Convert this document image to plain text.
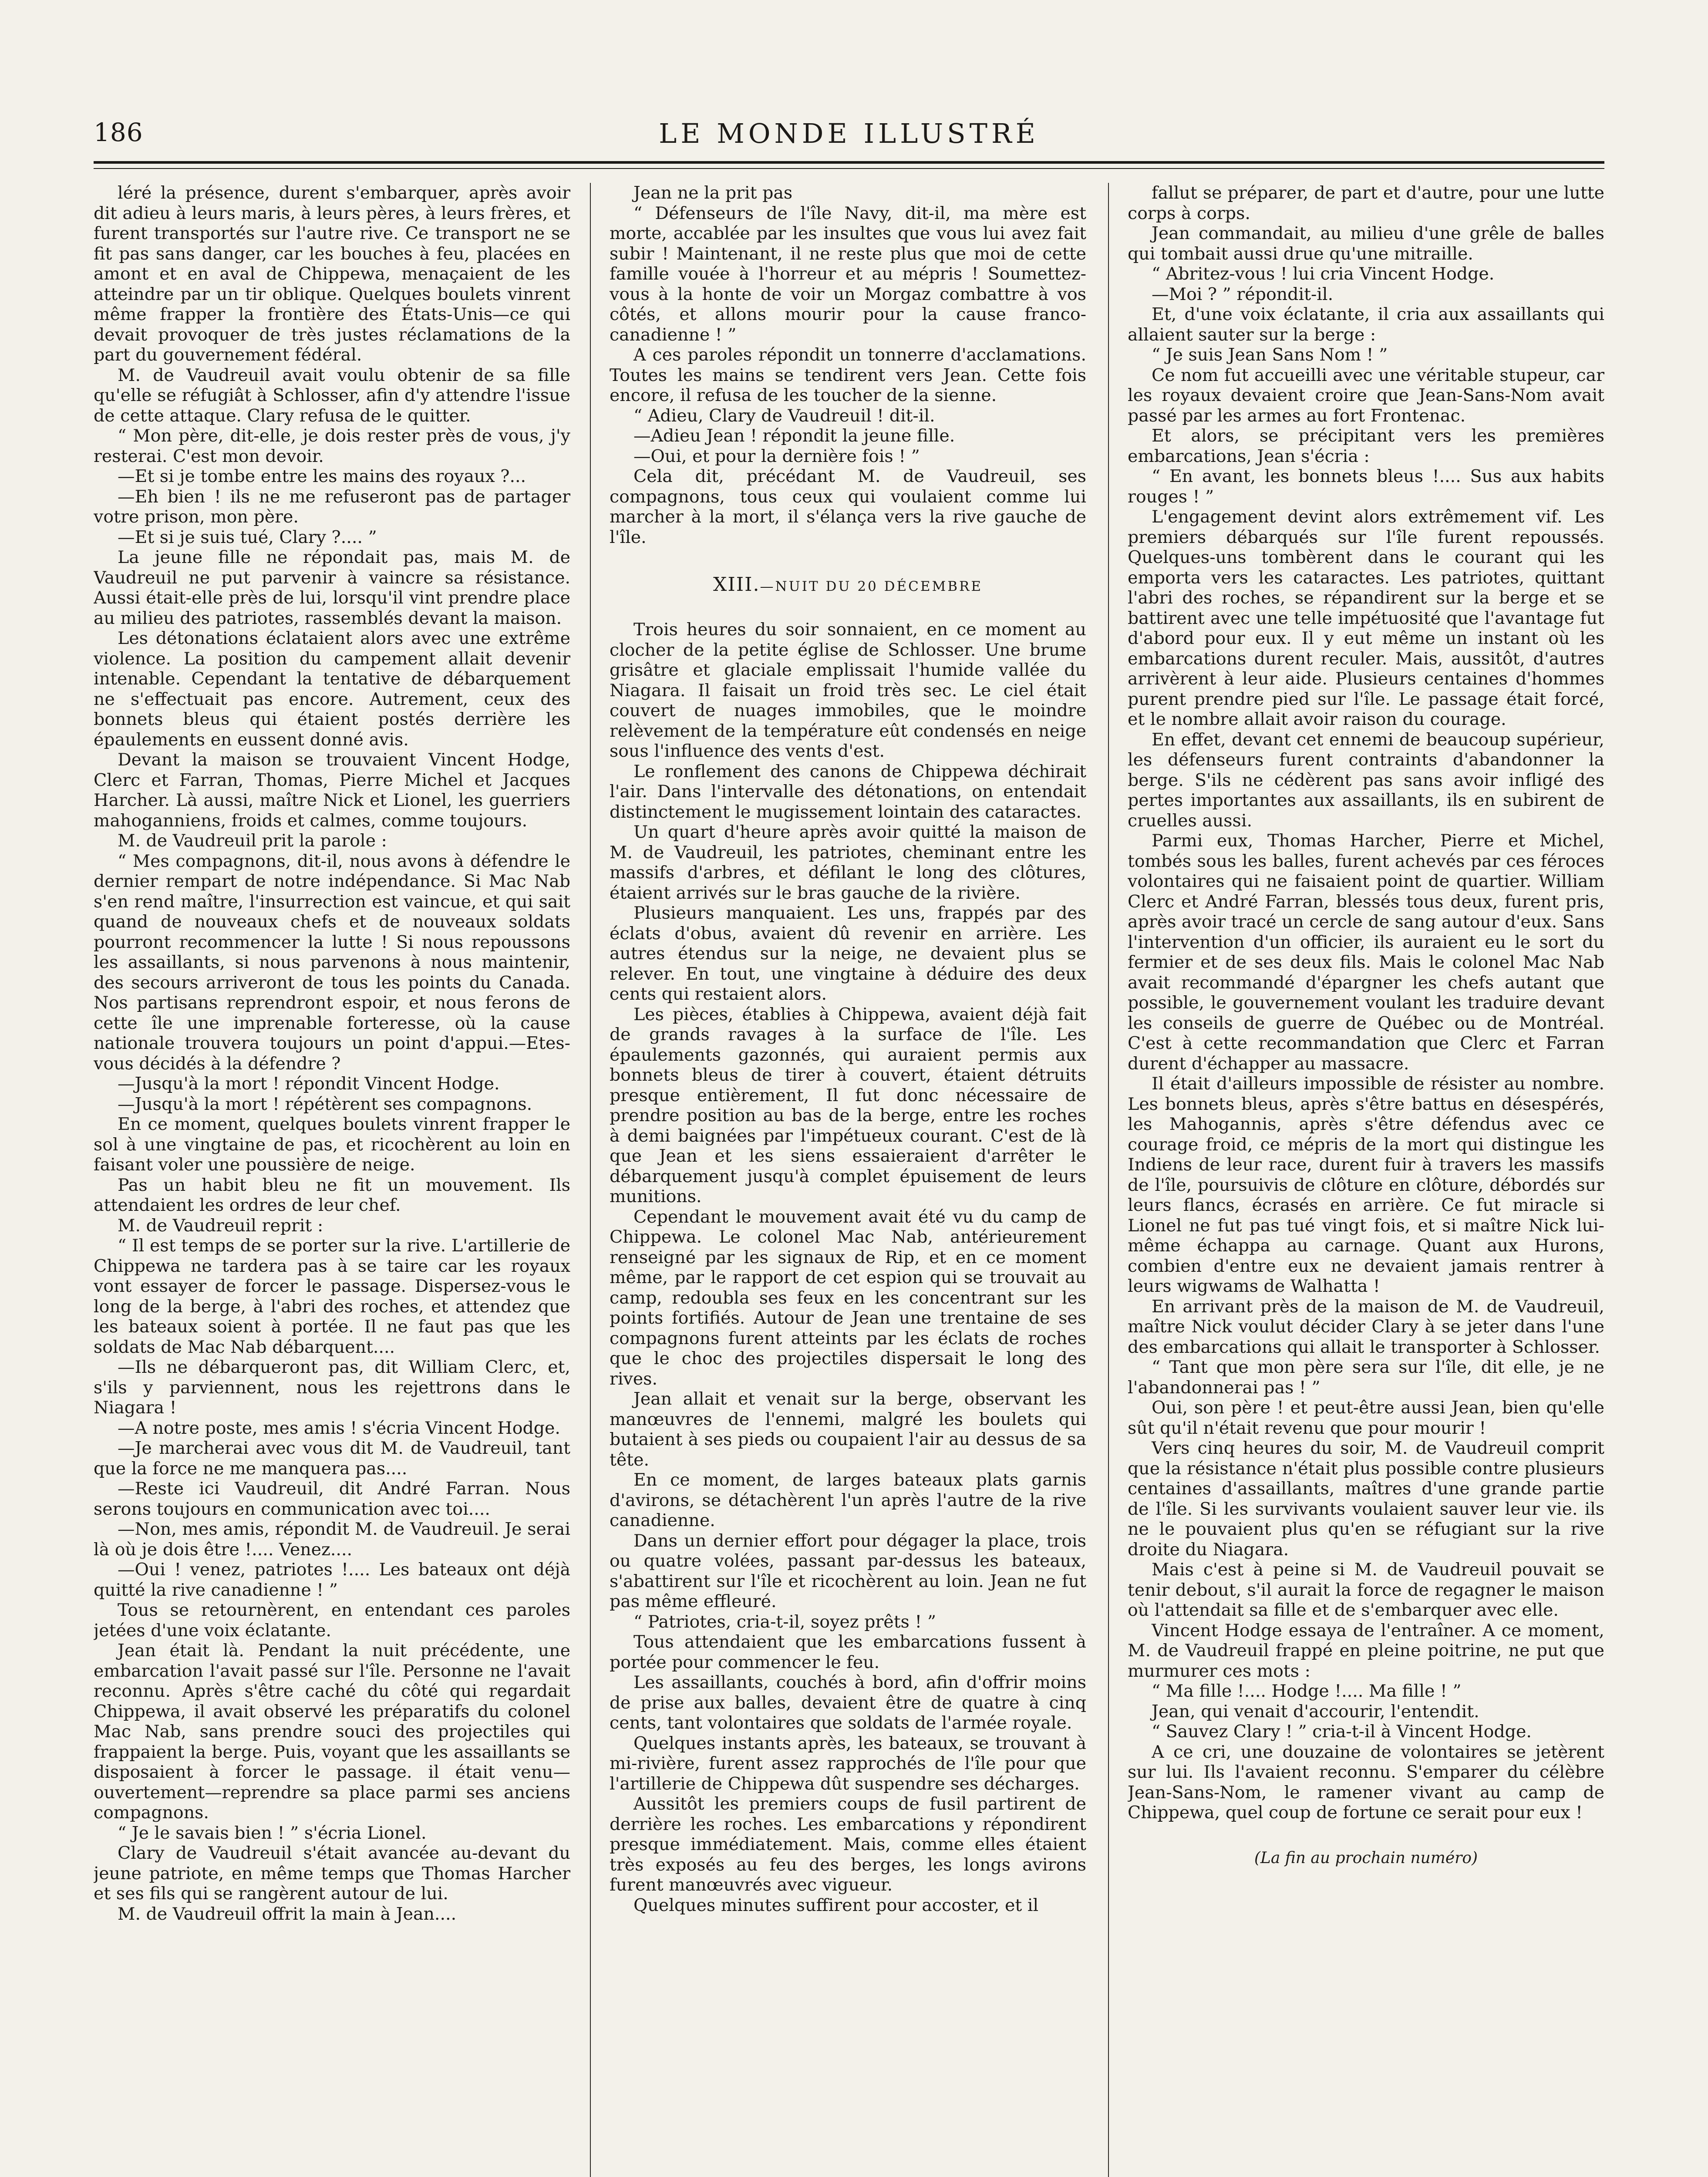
186	LE MONDE ILLUSTRÉ

léré la présence, durent s'embarquer, après avoir dit adieu à leurs maris, à leurs pères, à leurs frères, et furent transportés sur l'autre rive. Ce transport ne se fit pas sans danger, car les bouches à feu, placées en amont et en aval de Chippewa, menaçaient de les atteindre par un tir oblique. Quelques boulets vinrent même frapper la frontière des États-Unis—ce qui devait provoquer de très justes réclamations de la part du gouvernement fédéral.

M. de Vaudreuil avait voulu obtenir de sa fille qu'elle se réfugiât à Schlosser, afin d'y attendre l'issue de cette attaque. Clary refusa de le quitter.

“ Mon père, dit-elle, je dois rester près de vous, j'y resterai. C'est mon devoir.

—Et si je tombe entre les mains des royaux ?...

—Eh bien ! ils ne me refuseront pas de partager votre prison, mon père.

—Et si je suis tué, Clary ?.... ”

La jeune fille ne répondait pas, mais M. de Vaudreuil ne put parvenir à vaincre sa résistance. Aussi était-elle près de lui, lorsqu'il vint prendre place au milieu des patriotes, rassemblés devant la maison.

Les détonations éclataient alors avec une extrême violence. La position du campement allait devenir intenable. Cependant la tentative de débarquement ne s'effectuait pas encore. Autrement, ceux des bonnets bleus qui étaient postés derrière les épaulements en eussent donné avis.

Devant la maison se trouvaient Vincent Hodge, Clerc et Farran, Thomas, Pierre Michel et Jacques Harcher. Là aussi, maître Nick et Lionel, les guerriers mahoganniens, froids et calmes, comme toujours.

M. de Vaudreuil prit la parole :

“ Mes compagnons, dit-il, nous avons à défendre le dernier rempart de notre indépendance. Si Mac Nab s'en rend maître, l'insurrection est vaincue, et qui sait quand de nouveaux chefs et de nouveaux soldats pourront recommencer la lutte ! Si nous repoussons les assaillants, si nous parvenons à nous maintenir, des secours arriveront de tous les points du Canada. Nos partisans reprendront espoir, et nous ferons de cette île une imprenable forteresse, où la cause nationale trouvera toujours un point d'appui.—Etes-vous décidés à la défendre ?

—Jusqu'à la mort ! répondit Vincent Hodge.

—Jusqu'à la mort ! répétèrent ses compagnons.

En ce moment, quelques boulets vinrent frapper le sol à une vingtaine de pas, et ricochèrent au loin en faisant voler une poussière de neige.

Pas un habit bleu ne fit un mouvement. Ils attendaient les ordres de leur chef.

M. de Vaudreuil reprit :

“ Il est temps de se porter sur la rive. L'artillerie de Chippewa ne tardera pas à se taire car les royaux vont essayer de forcer le passage. Dispersez-vous le long de la berge, à l'abri des roches, et attendez que les bateaux soient à portée. Il ne faut pas que les soldats de Mac Nab débarquent....

—Ils ne débarqueront pas, dit William Clerc, et, s'ils y parviennent, nous les rejettrons dans le Niagara !

—A notre poste, mes amis ! s'écria Vincent Hodge.

—Je marcherai avec vous dit M. de Vaudreuil, tant que la force ne me manquera pas....

—Reste ici Vaudreuil, dit André Farran. Nous serons toujours en communication avec toi....

—Non, mes amis, répondit M. de Vaudreuil. Je serai là où je dois être !.... Venez....

—Oui ! venez, patriotes !.... Les bateaux ont déjà quitté la rive canadienne ! ”

Tous se retournèrent, en entendant ces paroles jetées d'une voix éclatante.

Jean était là. Pendant la nuit précédente, une embarcation l'avait passé sur l'île. Personne ne l'avait reconnu. Après s'être caché du côté qui regardait Chippewa, il avait observé les préparatifs du colonel Mac Nab, sans prendre souci des projectiles qui frappaient la berge. Puis, voyant que les assaillants se disposaient à forcer le passage. il était venu—ouvertement—reprendre sa place parmi ses anciens compagnons.

“ Je le savais bien ! ” s'écria Lionel.

Clary de Vaudreuil s'était avancée au-devant du jeune patriote, en même temps que Thomas Harcher et ses fils qui se rangèrent autour de lui.

M. de Vaudreuil offrit la main à Jean....

Jean ne la prit pas

“ Défenseurs de l'île Navy, dit-il, ma mère est morte, accablée par les insultes que vous lui avez fait subir ! Maintenant, il ne reste plus que moi de cette famille vouée à l'horreur et au mépris ! Soumettez-vous à la honte de voir un Morgaz combattre à vos côtés, et allons mourir pour la cause franco-canadienne ! ”

A ces paroles répondit un tonnerre d'acclamations. Toutes les mains se tendirent vers Jean. Cette fois encore, il refusa de les toucher de la sienne.

“ Adieu, Clary de Vaudreuil ! dit-il.

—Adieu Jean ! répondit la jeune fille.

—Oui, et pour la dernière fois ! ”

Cela dit, précédant M. de Vaudreuil, ses compagnons, tous ceux qui voulaient comme lui marcher à la mort, il s'élança vers la rive gauche de l'île.

XIII.—NUIT DU 20 DÉCEMBRE

Trois heures du soir sonnaient, en ce moment au clocher de la petite église de Schlosser. Une brume grisâtre et glaciale emplissait l'humide vallée du Niagara. Il faisait un froid très sec. Le ciel était couvert de nuages immobiles, que le moindre relèvement de la température eût condensés en neige sous l'influence des vents d'est.

Le ronflement des canons de Chippewa déchirait l'air. Dans l'intervalle des détonations, on entendait distinctement le mugissement lointain des cataractes.

Un quart d'heure après avoir quitté la maison de M. de Vaudreuil, les patriotes, cheminant entre les massifs d'arbres, et défilant le long des clôtures, étaient arrivés sur le bras gauche de la rivière.

Plusieurs manquaient. Les uns, frappés par des éclats d'obus, avaient dû revenir en arrière. Les autres étendus sur la neige, ne devaient plus se relever. En tout, une vingtaine à déduire des deux cents qui restaient alors.

Les pièces, établies à Chippewa, avaient déjà fait de grands ravages à la surface de l'île. Les épaulements gazonnés, qui auraient permis aux bonnets bleus de tirer à couvert, étaient détruits presque entièrement, Il fut donc nécessaire de prendre position au bas de la berge, entre les roches à demi baignées par l'impétueux courant. C'est de là que Jean et les siens essaieraient d'arrêter le débarquement jusqu'à complet épuisement de leurs munitions.

Cependant le mouvement avait été vu du camp de Chippewa. Le colonel Mac Nab, antérieurement renseigné par les signaux de Rip, et en ce moment même, par le rapport de cet espion qui se trouvait au camp, redoubla ses feux en les concentrant sur les points fortifiés. Autour de Jean une trentaine de ses compagnons furent atteints par les éclats de roches que le choc des projectiles dispersait le long des rives.

Jean allait et venait sur la berge, observant les manœuvres de l'ennemi, malgré les boulets qui butaient à ses pieds ou coupaient l'air au dessus de sa tête.

En ce moment, de larges bateaux plats garnis d'avirons, se détachèrent l'un après l'autre de la rive canadienne.

Dans un dernier effort pour dégager la place, trois ou quatre volées, passant par-dessus les bateaux, s'abattirent sur l'île et ricochèrent au loin. Jean ne fut pas même effleuré.

“ Patriotes, cria-t-il, soyez prêts ! ”

Tous attendaient que les embarcations fussent à portée pour commencer le feu.

Les assaillants, couchés à bord, afin d'offrir moins de prise aux balles, devaient être de quatre à cinq cents, tant volontaires que soldats de l'armée royale.

Quelques instants après, les bateaux, se trouvant à mi-rivière, furent assez rapprochés de l'île pour que l'artillerie de Chippewa dût suspendre ses décharges.

Aussitôt les premiers coups de fusil partirent de derrière les roches. Les embarcations y répondirent presque immédiatement. Mais, comme elles étaient très exposés au feu des berges, les longs avirons furent manœuvrés avec vigueur.

Quelques minutes suffirent pour accoster, et il

fallut se préparer, de part et d'autre, pour une lutte corps à corps.

Jean commandait, au milieu d'une grêle de balles qui tombait aussi drue qu'une mitraille.

“ Abritez-vous ! lui cria Vincent Hodge.

—Moi ? ” répondit-il.

Et, d'une voix éclatante, il cria aux assaillants qui allaient sauter sur la berge :

“ Je suis Jean Sans Nom ! ”

Ce nom fut accueilli avec une véritable stupeur, car les royaux devaient croire que Jean-Sans-Nom avait passé par les armes au fort Frontenac.

Et alors, se précipitant vers les premières embarcations, Jean s'écria :

“ En avant, les bonnets bleus !.... Sus aux habits rouges ! ”

L'engagement devint alors extrêmement vif. Les premiers débarqués sur l'île furent repoussés. Quelques-uns tombèrent dans le courant qui les emporta vers les cataractes. Les patriotes, quittant l'abri des roches, se répandirent sur la berge et se battirent avec une telle impétuosité que l'avantage fut d'abord pour eux. Il y eut même un instant où les embarcations durent reculer. Mais, aussitôt, d'autres arrivèrent à leur aide. Plusieurs centaines d'hommes purent prendre pied sur l'île. Le passage était forcé, et le nombre allait avoir raison du courage.

En effet, devant cet ennemi de beaucoup supérieur, les défenseurs furent contraints d'abandonner la berge. S'ils ne cédèrent pas sans avoir infligé des pertes importantes aux assaillants, ils en subirent de cruelles aussi.

Parmi eux, Thomas Harcher, Pierre et Michel, tombés sous les balles, furent achevés par ces féroces volontaires qui ne faisaient point de quartier. William Clerc et André Farran, blessés tous deux, furent pris, après avoir tracé un cercle de sang autour d'eux. Sans l'intervention d'un officier, ils auraient eu le sort du fermier et de ses deux fils. Mais le colonel Mac Nab avait recommandé d'épargner les chefs autant que possible, le gouvernement voulant les traduire devant les conseils de guerre de Québec ou de Montréal. C'est à cette recommandation que Clerc et Farran durent d'échapper au massacre.

Il était d'ailleurs impossible de résister au nombre. Les bonnets bleus, après s'être battus en désespérés, les Mahogannis, après s'être défendus avec ce courage froid, ce mépris de la mort qui distingue les Indiens de leur race, durent fuir à travers les massifs de l'île, poursuivis de clôture en clôture, débordés sur leurs flancs, écrasés en arrière. Ce fut miracle si Lionel ne fut pas tué vingt fois, et si maître Nick lui-même échappa au carnage. Quant aux Hurons, combien d'entre eux ne devaient jamais rentrer à leurs wigwams de Walhatta !

En arrivant près de la maison de M. de Vaudreuil, maître Nick voulut décider Clary à se jeter dans l'une des embarcations qui allait le transporter à Schlosser.

“ Tant que mon père sera sur l'île, dit elle, je ne l'abandonnerai pas ! ”

Oui, son père ! et peut-être aussi Jean, bien qu'elle sût qu'il n'était revenu que pour mourir !

Vers cinq heures du soir, M. de Vaudreuil comprit que la résistance n'était plus possible contre plusieurs centaines d'assaillants, maîtres d'une grande partie de l'île. Si les survivants voulaient sauver leur vie. ils ne le pouvaient plus qu'en se réfugiant sur la rive droite du Niagara.

Mais c'est à peine si M. de Vaudreuil pouvait se tenir debout, s'il aurait la force de regagner le maison où l'attendait sa fille et de s'embarquer avec elle.

Vincent Hodge essaya de l'entraîner. A ce moment, M. de Vaudreuil frappé en pleine poitrine, ne put que murmurer ces mots :

“ Ma fille !.... Hodge !.... Ma fille ! ”

Jean, qui venait d'accourir, l'entendit.

“ Sauvez Clary ! ” cria-t-il à Vincent Hodge.

A ce cri, une douzaine de volontaires se jetèrent sur lui. Ils l'avaient reconnu. S'emparer du célèbre Jean-Sans-Nom, le ramener vivant au camp de Chippewa, quel coup de fortune ce serait pour eux !

(La fin au prochain numéro)
